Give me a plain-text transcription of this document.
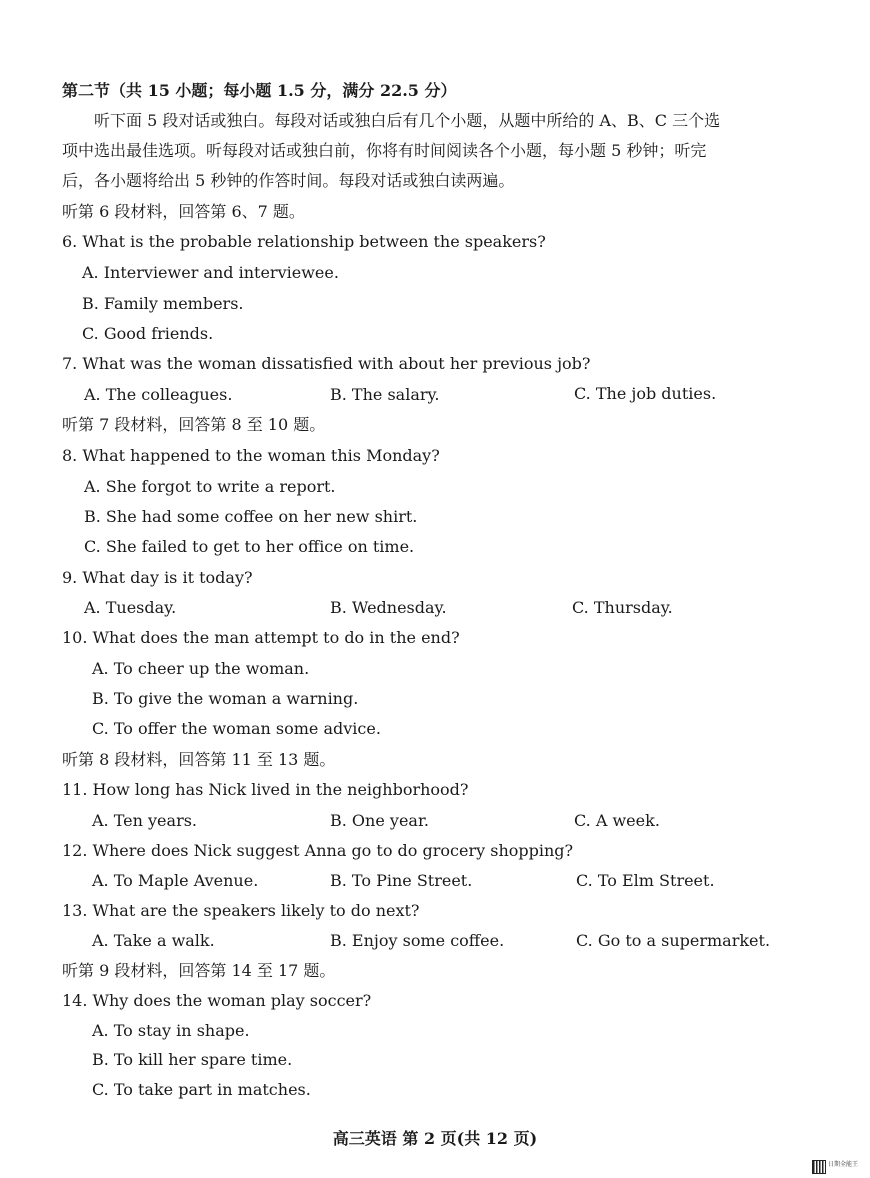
第二节（共 15 小题；每小题 1.5 分，满分 22.5 分）
听下面 5 段对话或独白。每段对话或独白后有几个小题，从题中所给的 A、B、C 三个选
项中选出最佳选项。听每段对话或独白前，你将有时间阅读各个小题，每小题 5 秒钟；听完
后，各小题将给出 5 秒钟的作答时间。每段对话或独白读两遍。
听第 6 段材料，回答第 6、7 题。
6. What is the probable relationship between the speakers?
A. Interviewer and interviewee.
B. Family members.
C. Good friends.
7. What was the woman dissatisfied with about her previous job?
A. The colleagues.	B. The salary.	C. The job duties.
听第 7 段材料，回答第 8 至 10 题。
8. What happened to the woman this Monday?
A. She forgot to write a report.
B. She had some coffee on her new shirt.
C. She failed to get to her office on time.
9. What day is it today?
A. Tuesday.	B. Wednesday.	C. Thursday.
10. What does the man attempt to do in the end?
A. To cheer up the woman.
B. To give the woman a warning.
C. To offer the woman some advice.
听第 8 段材料，回答第 11 至 13 题。
11. How long has Nick lived in the neighborhood?
A. Ten years.	B. One year.	C. A week.
12. Where does Nick suggest Anna go to do grocery shopping?
A. To Maple Avenue.	B. To Pine Street.	C. To Elm Street.
13. What are the speakers likely to do next?
A. Take a walk.	B. Enjoy some coffee.	C. Go to a supermarket.
听第 9 段材料，回答第 14 至 17 题。
14. Why does the woman play soccer?
A. To stay in shape.
B. To kill her spare time.
C. To take part in matches.
高三英语 第 2 页(共 12 页)
日期全能王
